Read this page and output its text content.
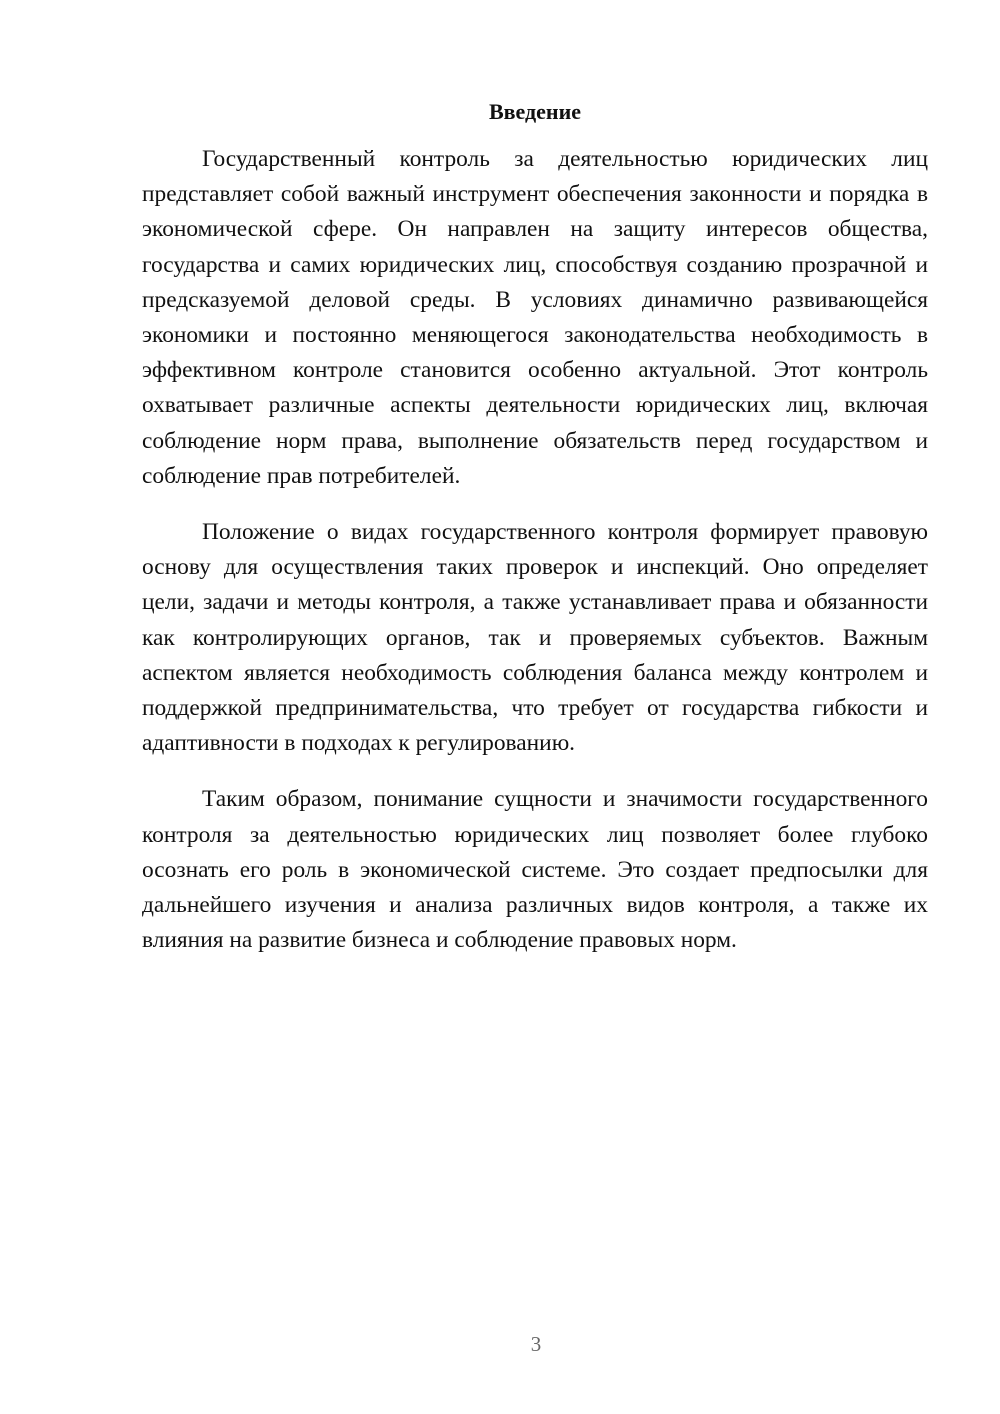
Введение

Государственный контроль за деятельностью юридических лиц представляет собой важный инструмент обеспечения законности и порядка в экономической сфере. Он направлен на защиту интересов общества, государства и самих юридических лиц, способствуя созданию прозрачной и предсказуемой деловой среды. В условиях динамично развивающейся экономики и постоянно меняющегося законодательства необходимость в эффективном контроле становится особенно актуальной. Этот контроль охватывает различные аспекты деятельности юридических лиц, включая соблюдение норм права, выполнение обязательств перед государством и соблюдение прав потребителей.

Положение о видах государственного контроля формирует правовую основу для осуществления таких проверок и инспекций. Оно определяет цели, задачи и методы контроля, а также устанавливает права и обязанности как контролирующих органов, так и проверяемых субъектов. Важным аспектом является необходимость соблюдения баланса между контролем и поддержкой предпринимательства, что требует от государства гибкости и адаптивности в подходах к регулированию.

Таким образом, понимание сущности и значимости государственного контроля за деятельностью юридических лиц позволяет более глубоко осознать его роль в экономической системе. Это создает предпосылки для дальнейшего изучения и анализа различных видов контроля, а также их влияния на развитие бизнеса и соблюдение правовых норм.

3
